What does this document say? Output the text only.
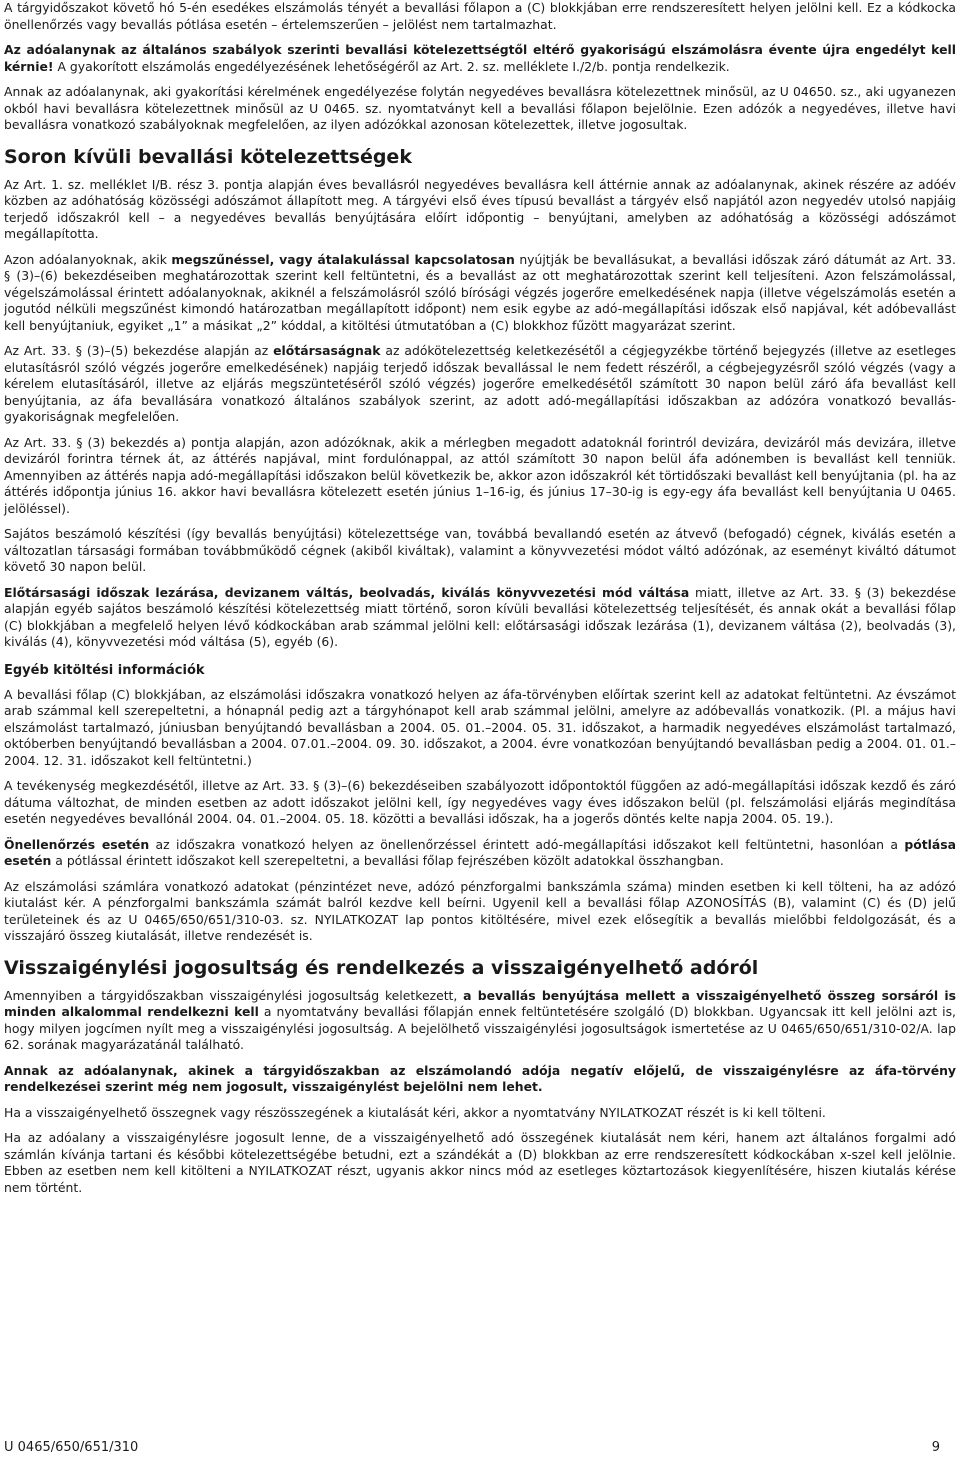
A tárgyidőszakot követő hó 5-én esedékes elszámolás tényét a bevallási főlapon a (C) blokkjában erre rendszeresített helyen jelölni kell. Ez a kódkocka önellenőrzés vagy bevallás pótlása esetén – értelemszerűen – jelölést nem tartalmazhat.

Az adóalanynak az általános szabályok szerinti bevallási kötelezettségtől eltérő gyakoriságú elszámolásra évente újra engedélyt kell kérnie! A gyakorított elszámolás engedélyezésének lehetőségéről az Art. 2. sz. melléklete I./2/b. pontja rendelkezik.

Annak az adóalanynak, aki gyakorítási kérelmének engedélyezése folytán negyedéves bevallásra kötelezettnek minősül, az U 04650. sz., aki ugyanezen okból havi bevallásra kötelezettnek minősül az U 0465. sz. nyomtatványt kell a bevallási főlapon bejelölnie. Ezen adózók a negyedéves, illetve havi bevallásra vonatkozó szabályoknak megfelelően, az ilyen adózókkal azonosan kötelezettek, illetve jogosultak.

Soron kívüli bevallási kötelezettségek

Az Art. 1. sz. melléklet I/B. rész 3. pontja alapján éves bevallásról negyedéves bevallásra kell áttérnie annak az adóalanynak, akinek részére az adóév közben az adóhatóság közösségi adószámot állapított meg. A tárgyévi első éves típusú bevallást a tárgyév első napjától azon negyedév utolsó napjáig terjedő időszakról kell – a negyedéves bevallás benyújtására előírt időpontig – benyújtani, amelyben az adóhatóság a közösségi adószámot megállapította.

Azon adóalanyoknak, akik megszűnéssel, vagy átalakulással kapcsolatosan nyújtják be bevallásukat, a bevallási időszak záró dátumát az Art. 33. § (3)–(6) bekezdéseiben meghatározottak szerint kell feltüntetni, és a bevallást az ott meghatározottak szerint kell teljesíteni. Azon felszámolással, végelszámolással érintett adóalanyoknak, akiknél a felszámolásról szóló bírósági végzés jogerőre emelkedésének napja (illetve végelszámolás esetén a jogutód nélküli megszűnést kimondó határozatban megállapított időpont) nem esik egybe az adó-megállapítási időszak első napjával, két adóbevallást kell benyújtaniuk, egyiket „1” a másikat „2” kóddal, a kitöltési útmutatóban a (C) blokkhoz fűzött magyarázat szerint.

Az Art. 33. § (3)–(5) bekezdése alapján az előtársaságnak az adókötelezettség keletkezésétől a cégjegyzékbe történő bejegyzés (illetve az esetleges elutasításról szóló végzés jogerőre emelkedésének) napjáig terjedő időszak bevallással le nem fedett részéről, a cégbejegyzésről szóló végzés (vagy a kérelem elutasításáról, illetve az eljárás megszüntetéséről szóló végzés) jogerőre emelkedésétől számított 30 napon belül záró áfa bevallást kell benyújtania, az áfa bevallására vonatkozó általános szabályok szerint, az adott adó-megállapítási időszakban az adózóra vonatkozó bevallás-gyakoriságnak megfelelően.

Az Art. 33. § (3) bekezdés a) pontja alapján, azon adózóknak, akik a mérlegben megadott adatoknál forintról devizára, devizáról más devizára, illetve devizáról forintra térnek át, az áttérés napjával, mint fordulónappal, az attól számított 30 napon belül áfa adónemben is bevallást kell tenniük. Amennyiben az áttérés napja adó-megállapítási időszakon belül következik be, akkor azon időszakról két törtidőszaki bevallást kell benyújtania (pl. ha az áttérés időpontja június 16. akkor havi bevallásra kötelezett esetén június 1–16-ig, és június 17–30-ig is egy-egy áfa bevallást kell benyújtania U 0465. jelöléssel).

Sajátos beszámoló készítési (így bevallás benyújtási) kötelezettsége van, továbbá bevallandó esetén az átvevő (befogadó) cégnek, kiválás esetén a változatlan társasági formában továbbműködő cégnek (akiből kiváltak), valamint a könyvvezetési módot váltó adózónak, az eseményt kiváltó dátumot követő 30 napon belül.

Előtársasági időszak lezárása, devizanem váltás, beolvadás, kiválás könyvvezetési mód váltása miatt, illetve az Art. 33. § (3) bekezdése alapján egyéb sajátos beszámoló készítési kötelezettség miatt történő, soron kívüli bevallási kötelezettség teljesítését, és annak okát a bevallási főlap (C) blokkjában a megfelelő helyen lévő kódkockában arab számmal jelölni kell: előtársasági időszak lezárása (1), devizanem váltása (2), beolvadás (3), kiválás (4), könyvvezetési mód váltása (5), egyéb (6).

Egyéb kitöltési információk

A bevallási főlap (C) blokkjában, az elszámolási időszakra vonatkozó helyen az áfa-törvényben előírtak szerint kell az adatokat feltüntetni. Az évszámot arab számmal kell szerepeltetni, a hónapnál pedig azt a tárgyhónapot kell arab számmal jelölni, amelyre az adóbevallás vonatkozik. (Pl. a május havi elszámolást tartalmazó, júniusban benyújtandó bevallásban a 2004. 05. 01.–2004. 05. 31. időszakot, a harmadik negyedéves elszámolást tartalmazó, októberben benyújtandó bevallásban a 2004. 07.01.–2004. 09. 30. időszakot, a 2004. évre vonatkozóan benyújtandó bevallásban pedig a 2004. 01. 01.–2004. 12. 31. időszakot kell feltüntetni.)

A tevékenység megkezdésétől, illetve az Art. 33. § (3)–(6) bekezdéseiben szabályozott időpontoktól függően az adó-megállapítási időszak kezdő és záró dátuma változhat, de minden esetben az adott időszakot jelölni kell, így negyedéves vagy éves időszakon belül (pl. felszámolási eljárás megindítása esetén negyedéves bevallónál 2004. 04. 01.–2004. 05. 18. közötti a bevallási időszak, ha a jogerős döntés kelte napja 2004. 05. 19.).

Önellenőrzés esetén az időszakra vonatkozó helyen az önellenőrzéssel érintett adó-megállapítási időszakot kell feltüntetni, hasonlóan a pótlása esetén a pótlással érintett időszakot kell szerepeltetni, a bevallási főlap fejrészében közölt adatokkal összhangban.

Az elszámolási számlára vonatkozó adatokat (pénzintézet neve, adózó pénzforgalmi bankszámla száma) minden esetben ki kell tölteni, ha az adózó kiutalást kér. A pénzforgalmi bankszámla számát balról kezdve kell beírni. Ugyenil kell a bevallási főlap AZONOSÍTÁS (B), valamint (C) és (D) jelű területeinek és az U 0465/650/651/310-03. sz. NYILATKOZAT lap pontos kitöltésére, mivel ezek elősegítik a bevallás mielőbbi feldolgozását, és a visszajáró összeg kiutalását, illetve rendezését is.

Visszaigénylési jogosultság és rendelkezés a visszaigényelhető adóról

Amennyiben a tárgyidőszakban visszaigénylési jogosultság keletkezett, a bevallás benyújtása mellett a visszaigényelhető összeg sorsáról is minden alkalommal rendelkezni kell a nyomtatvány bevallási főlapján ennek feltüntetésére szolgáló (D) blokkban. Ugyancsak itt kell jelölni azt is, hogy milyen jogcímen nyílt meg a visszaigénylési jogosultság. A bejelölhető visszaigénylési jogosultságok ismertetése az U 0465/650/651/310-02/A. lap 62. sorának magyarázatánál található.

Annak az adóalanynak, akinek a tárgyidőszakban az elszámolandó adója negatív előjelű, de visszaigénylésre az áfa-törvény rendelkezései szerint még nem jogosult, visszaigénylést bejelölni nem lehet.

Ha a visszaigényelhető összegnek vagy részösszegének a kiutalását kéri, akkor a nyomtatvány NYILATKOZAT részét is ki kell tölteni.

Ha az adóalany a visszaigénylésre jogosult lenne, de a visszaigényelhető adó összegének kiutalását nem kéri, hanem azt általános forgalmi adó számlán kívánja tartani és későbbi kötelezettségébe betudni, ezt a szándékát a (D) blokkban az erre rendszeresített kódkockában x-szel kell jelölnie. Ebben az esetben nem kell kitölteni a NYILATKOZAT részt, ugyanis akkor nincs mód az esetleges köztartozások kiegyenlítésére, hiszen kiutalás kérése nem történt.

U 0465/650/651/310	9
